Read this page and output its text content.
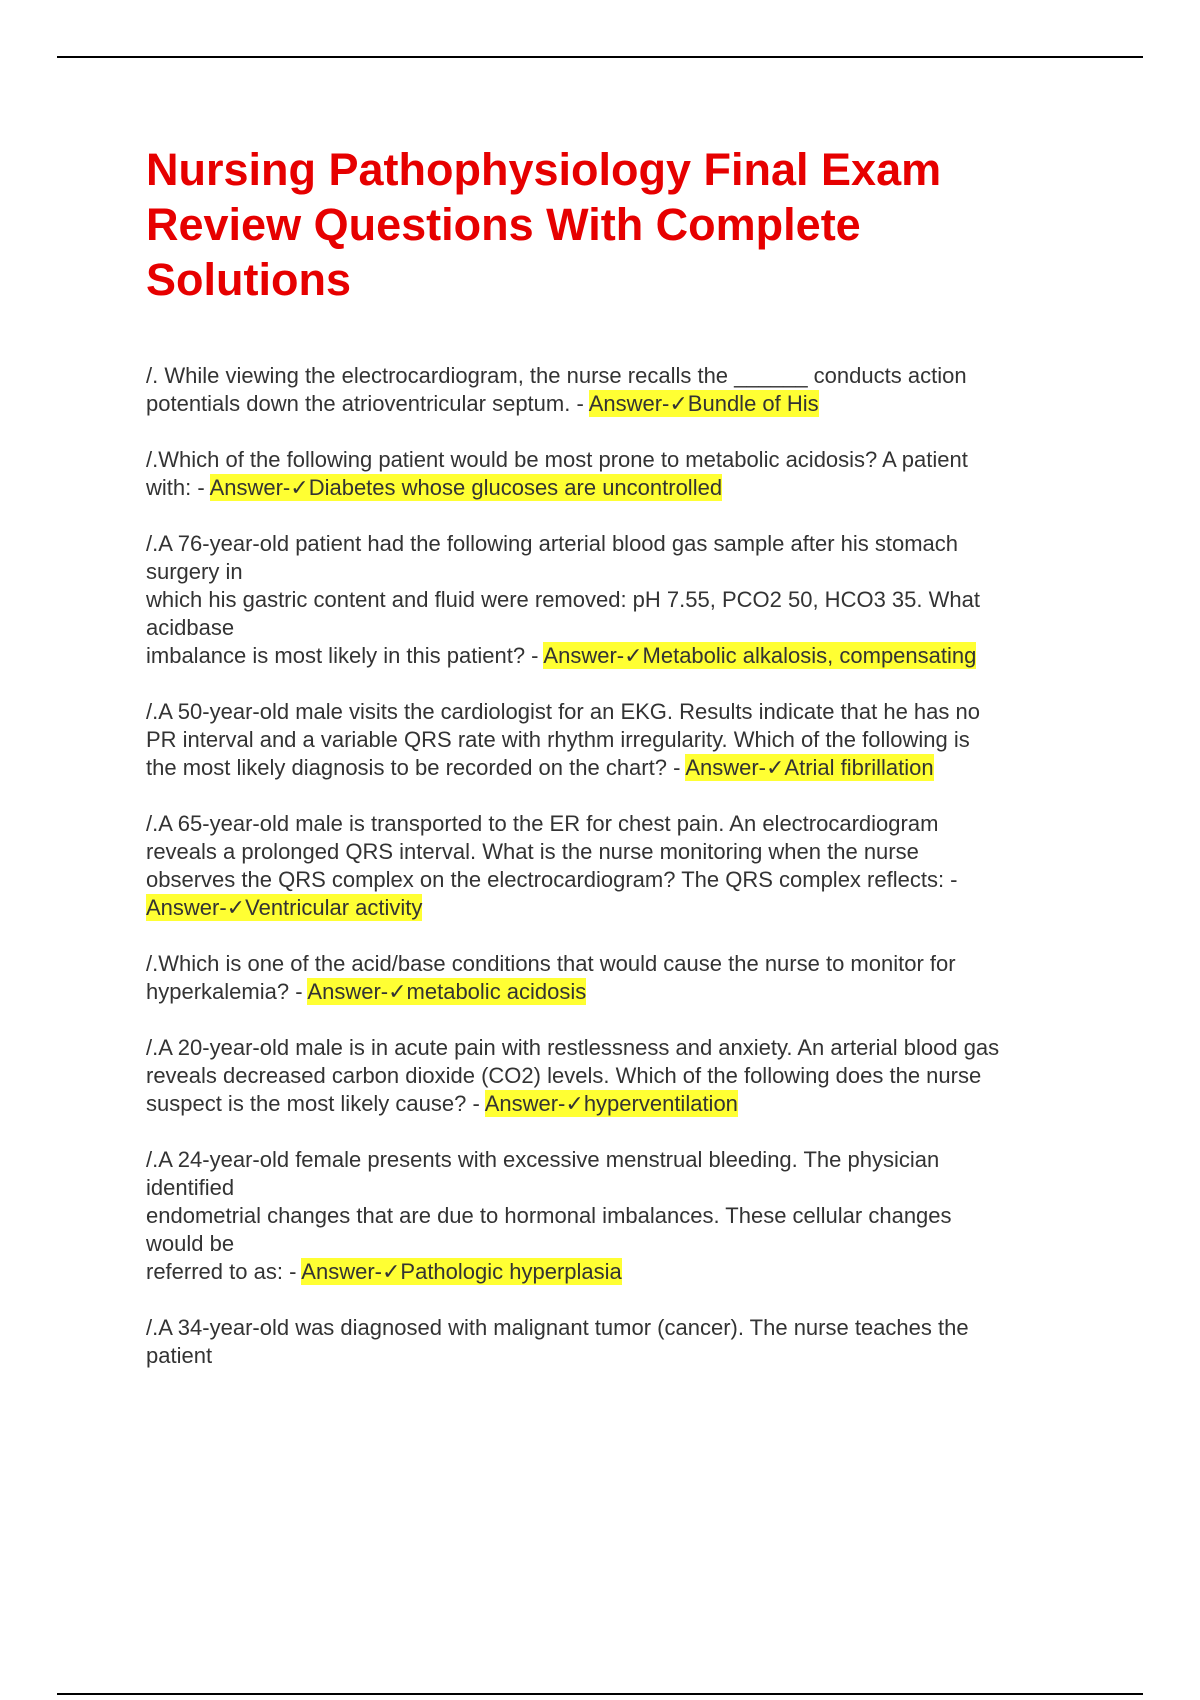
Nursing Pathophysiology Final Exam Review Questions With Complete Solutions

/. While viewing the electrocardiogram, the nurse recalls the ______ conducts action
potentials down the atrioventricular septum. - Answer-✓Bundle of His

/.Which of the following patient would be most prone to metabolic acidosis? A patient
with: - Answer-✓Diabetes whose glucoses are uncontrolled

/.A 76-year-old patient had the following arterial blood gas sample after his stomach
surgery in
which his gastric content and fluid were removed: pH 7.55, PCO2 50, HCO3 35. What
acidbase
imbalance is most likely in this patient? - Answer-✓Metabolic alkalosis, compensating

/.A 50-year-old male visits the cardiologist for an EKG. Results indicate that he has no
PR interval and a variable QRS rate with rhythm irregularity. Which of the following is
the most likely diagnosis to be recorded on the chart? - Answer-✓Atrial fibrillation

/.A 65-year-old male is transported to the ER for chest pain. An electrocardiogram
reveals a prolonged QRS interval. What is the nurse monitoring when the nurse
observes the QRS complex on the electrocardiogram? The QRS complex reflects: -
Answer-✓Ventricular activity

/.Which is one of the acid/base conditions that would cause the nurse to monitor for
hyperkalemia? - Answer-✓metabolic acidosis

/.A 20-year-old male is in acute pain with restlessness and anxiety. An arterial blood gas
reveals decreased carbon dioxide (CO2) levels. Which of the following does the nurse
suspect is the most likely cause? - Answer-✓hyperventilation

/.A 24-year-old female presents with excessive menstrual bleeding. The physician
identified
endometrial changes that are due to hormonal imbalances. These cellular changes
would be
referred to as: - Answer-✓Pathologic hyperplasia

/.A 34-year-old was diagnosed with malignant tumor (cancer). The nurse teaches the
patient
